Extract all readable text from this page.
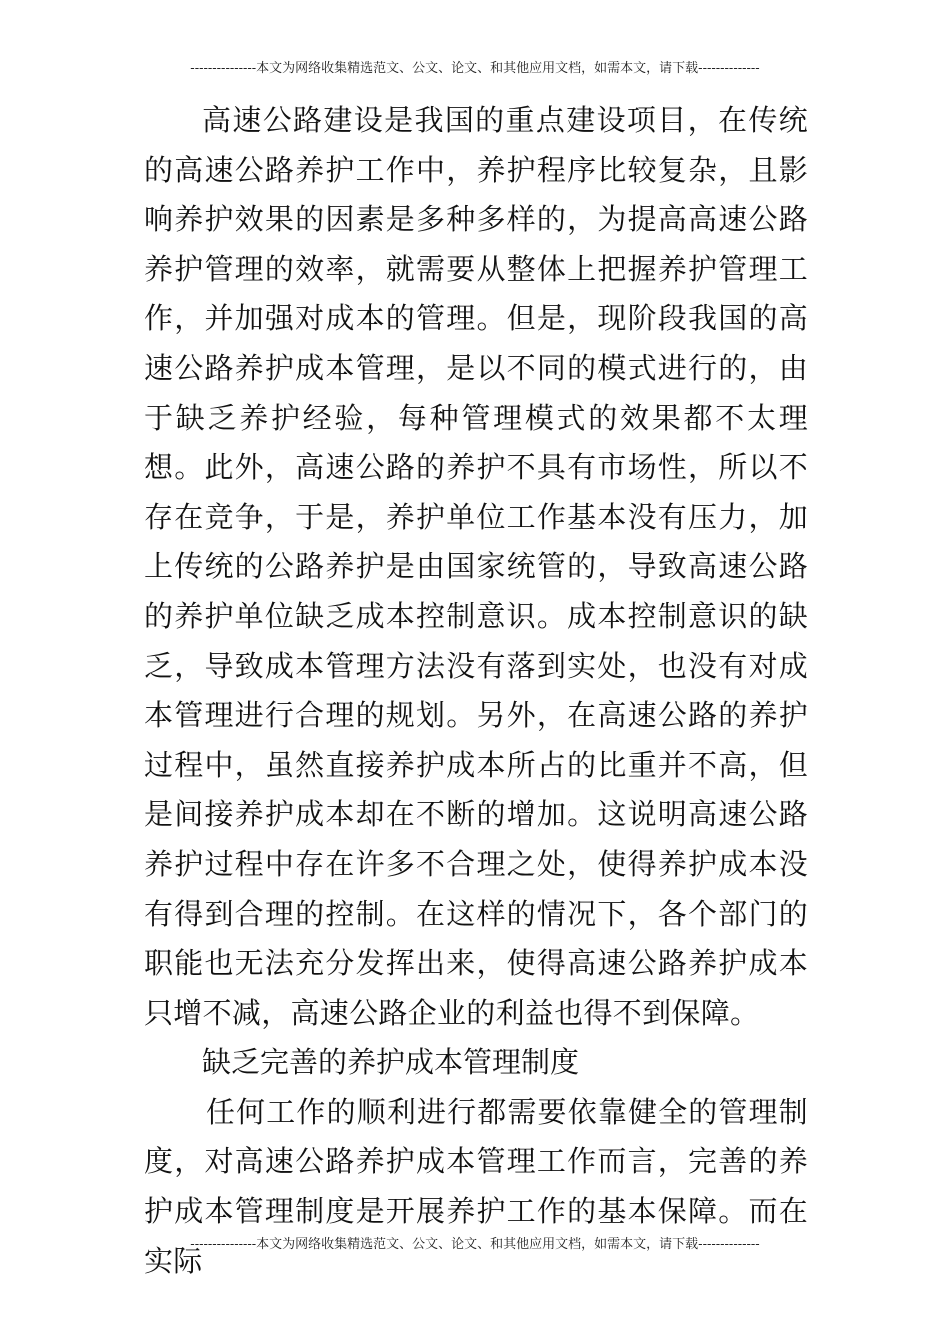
---------------本文为网络收集精选范文、公文、论文、和其他应用文档，如需本文，请下载--------------

高速公路建设是我国的重点建设项目，在传统的高速公路养护工作中，养护程序比较复杂，且影响养护效果的因素是多种多样的，为提高高速公路养护管理的效率，就需要从整体上把握养护管理工作，并加强对成本的管理。但是，现阶段我国的高速公路养护成本管理，是以不同的模式进行的，由于缺乏养护经验，每种管理模式的效果都不太理想。此外，高速公路的养护不具有市场性，所以不存在竞争，于是，养护单位工作基本没有压力，加上传统的公路养护是由国家统管的，导致高速公路的养护单位缺乏成本控制意识。成本控制意识的缺乏，导致成本管理方法没有落到实处，也没有对成本管理进行合理的规划。另外，在高速公路的养护过程中，虽然直接养护成本所占的比重并不高，但是间接养护成本却在不断的增加。这说明高速公路养护过程中存在许多不合理之处，使得养护成本没有得到合理的控制。在这样的情况下，各个部门的职能也无法充分发挥出来，使得高速公路养护成本只增不减，高速公路企业的利益也得不到保障。

缺乏完善的养护成本管理制度

任何工作的顺利进行都需要依靠健全的管理制度，对高速公路养护成本管理工作而言，完善的养护成本管理制度是开展养护工作的基本保障。而在实际

---------------本文为网络收集精选范文、公文、论文、和其他应用文档，如需本文，请下载--------------
